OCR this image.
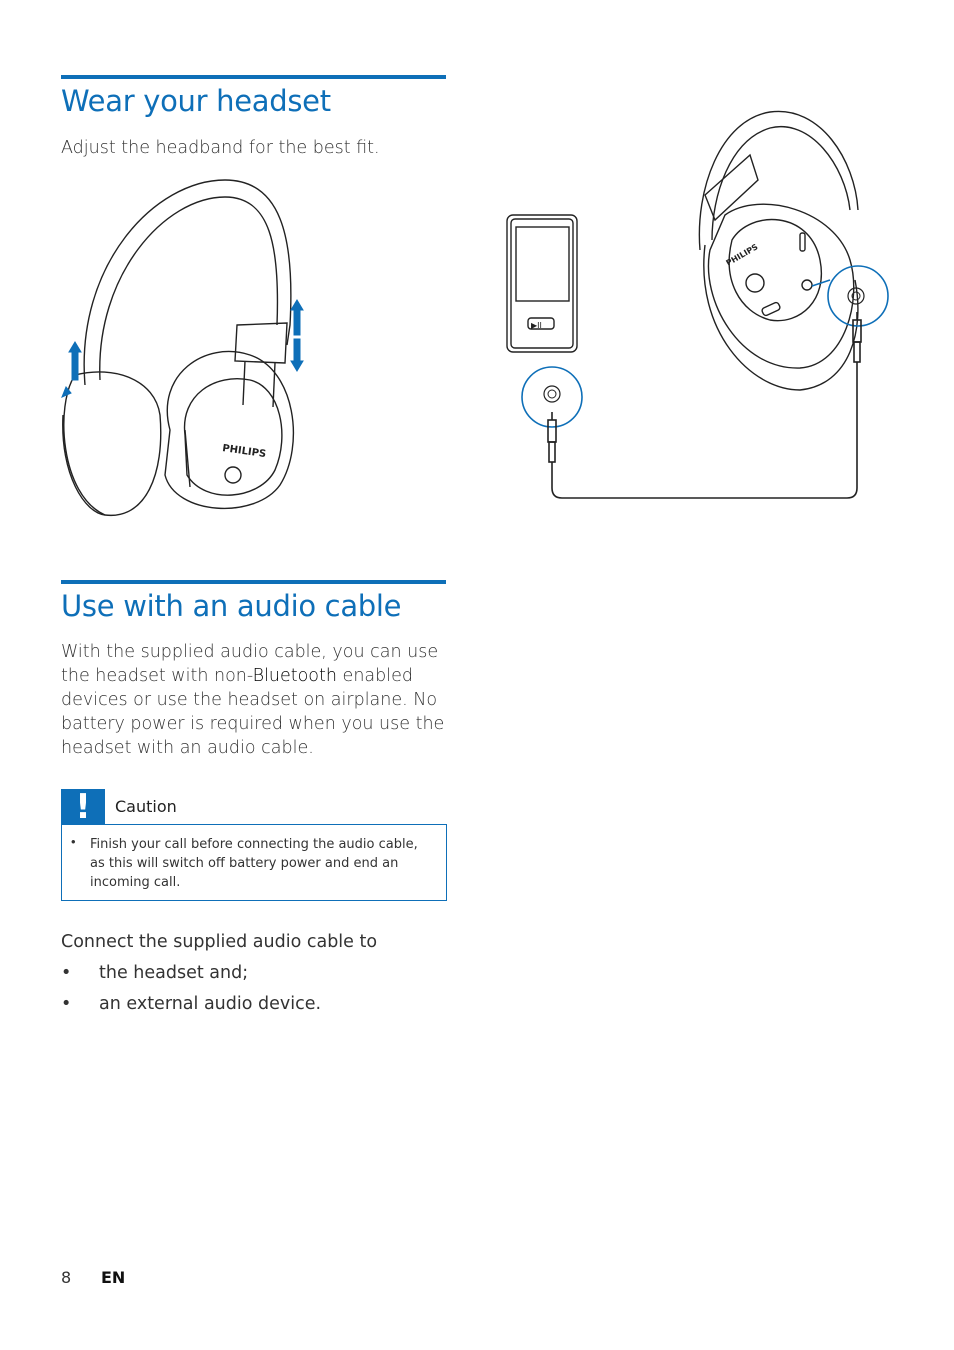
Wear your headset
Adjust the headband for the best fit.
PHILIPS
Use with an audio cable
With the supplied audio cable, you can use the headset with non-Bluetooth enabled devices or use the headset on airplane. No battery power is required when you use the headset with an audio cable.
!	Caution
• Finish your call before connecting the audio cable, as this will switch off battery power and end an incoming call.
Connect the supplied audio cable to
• the headset and;
• an external audio device.
PHILIPS
▶II
8 EN
